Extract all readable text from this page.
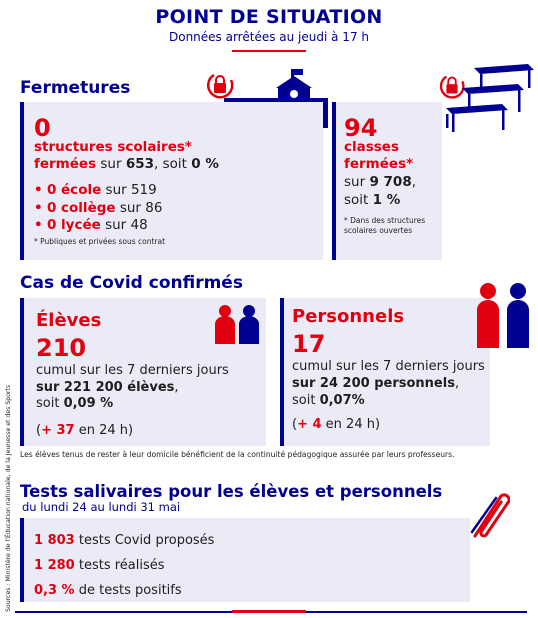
POINT DE SITUATION
Données arrêtées au jeudi à 17 h
Fermetures
0
structures scolaires*
fermées sur 653, soit 0 %
• 0 école sur 519
• 0 collège sur 86
• 0 lycée sur 48
* Publiques et privées sous contrat
94
classes
fermées*
sur 9 708,
soit 1 %
* Dans des structures
scolaires ouvertes
Cas de Covid confirmés
Élèves
210
cumul sur les 7 derniers jours
sur 221 200 élèves,
soit 0,09 %
(+ 37 en 24 h)
Personnels
17
cumul sur les 7 derniers jours
sur 24 200 personnels,
soit 0,07%
(+ 4 en 24 h)
Les élèves tenus de rester à leur domicile bénéficient de la continuité pédagogique assurée par leurs professeurs.
Tests salivaires pour les élèves et personnels
du lundi 24 au lundi 31 mai
1 803 tests Covid proposés
1 280 tests réalisés
0,3 % de tests positifs
Sources : Ministère de l'Éducation nationale, de la Jeunesse et des Sports
